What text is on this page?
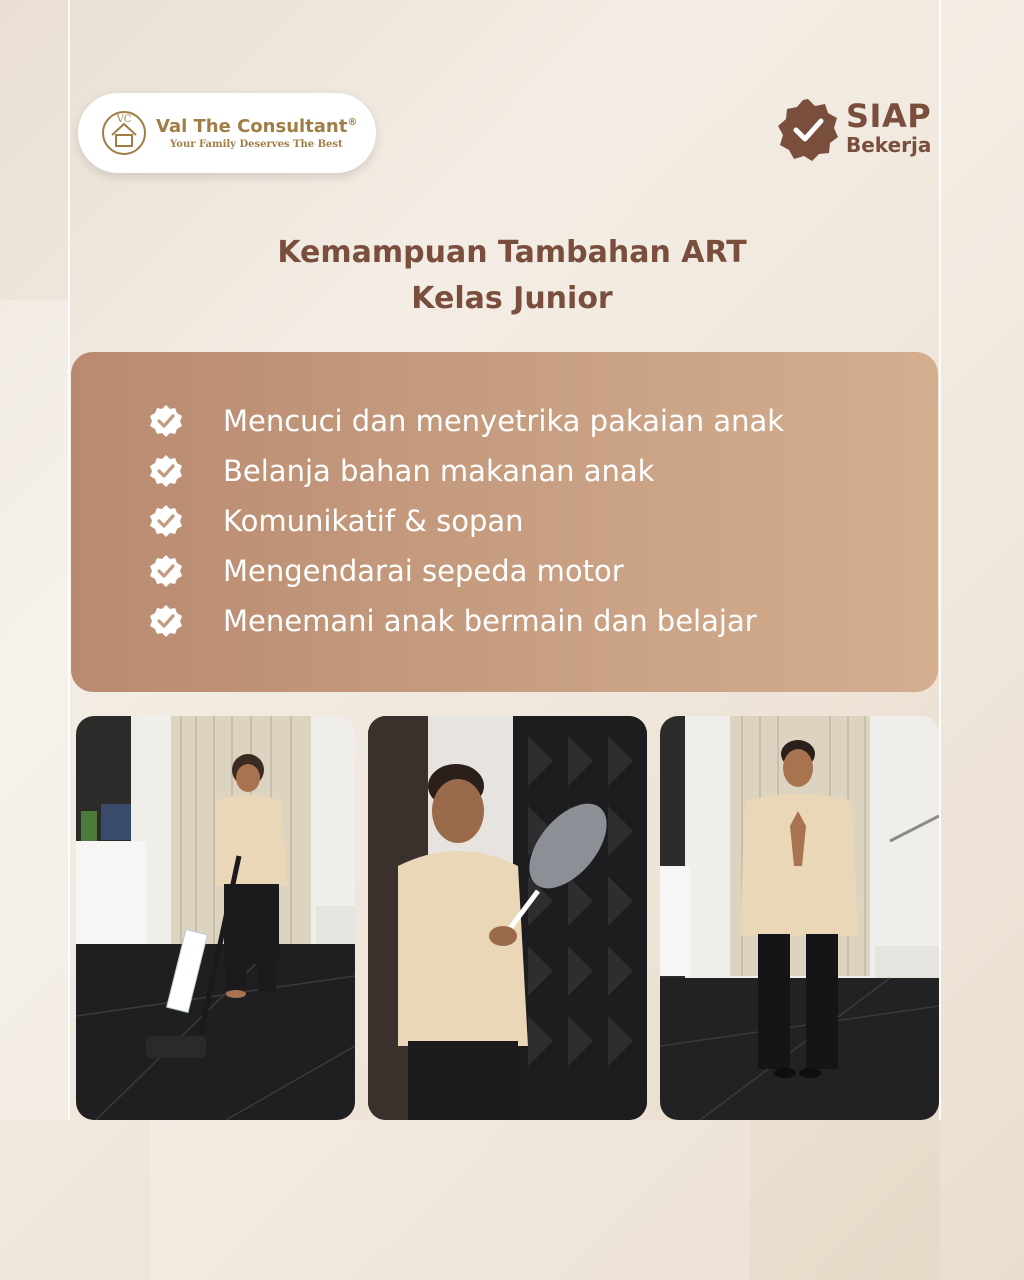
VC Val The Consultant®
Your Family Deserves The Best
SIAP
Bekerja
Kemampuan Tambahan ART
Kelas Junior
Mencuci dan menyetrika pakaian anak
Belanja bahan makanan anak
Komunikatif & sopan
Mengendarai sepeda motor
Menemani anak bermain dan belajar
